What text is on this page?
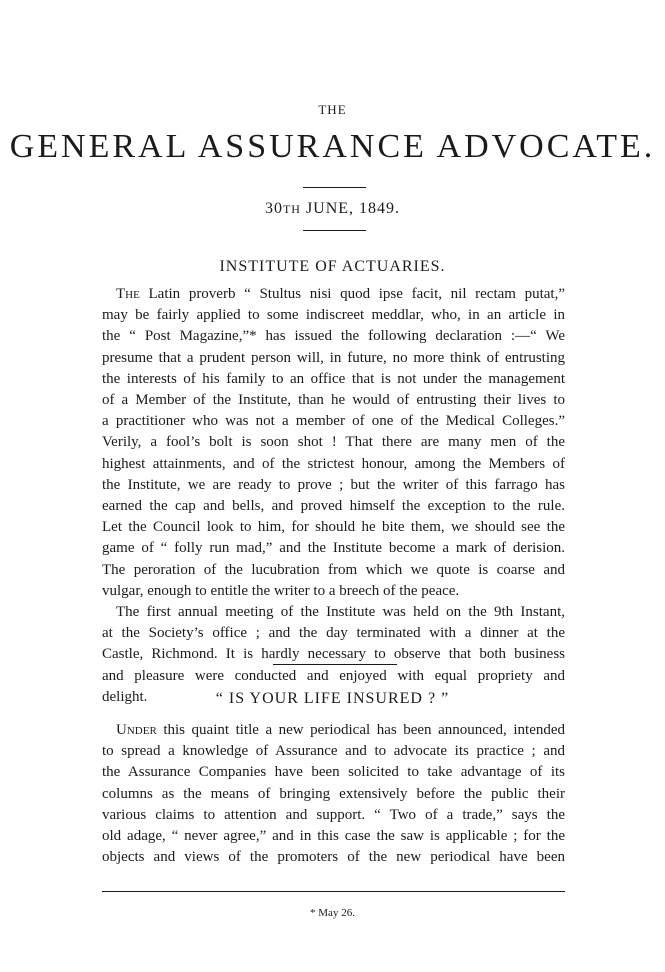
THE
GENERAL ASSURANCE ADVOCATE.
30TH JUNE, 1849.
INSTITUTE OF ACTUARIES.
The Latin proverb “ Stultus nisi quod ipse facit, nil rectam putat,”
may be fairly applied to some indiscreet meddlar, who, in an article in
the “ Post Magazine,”* has issued the following declaration :—“ We
presume that a prudent person will, in future, no more think of entrusting
the interests of his family to an office that is not under the management
of a Member of the Institute, than he would of entrusting their lives to
a practitioner who was not a member of one of the Medical Colleges.”
Verily, a fool’s bolt is soon shot ! That there are many men of the
highest attainments, and of the strictest honour, among the Members of
the Institute, we are ready to prove ; but the writer of this farrago has
earned the cap and bells, and proved himself the exception to the rule.
Let the Council look to him, for should he bite them, we should see the
game of “ folly run mad,” and the Institute become a mark of derision.
The peroration of the lucubration from which we quote is coarse and
vulgar, enough to entitle the writer to a breech of the peace.
The first annual meeting of the Institute was held on the 9th Instant,
at the Society’s office ; and the day terminated with a dinner at the
Castle, Richmond. It is hardly necessary to observe that both business
and pleasure were conducted and enjoyed with equal propriety and
delight.	“ IS YOUR LIFE INSURED ? ”
Under this quaint title a new periodical has been announced, intended
to spread a knowledge of Assurance and to advocate its practice ; and
the Assurance Companies have been solicited to take advantage of its
columns as the means of bringing extensively before the public their
various claims to attention and support. “ Two of a trade,” says the
old adage, “ never agree,” and in this case the saw is applicable ; for the
objects and views of the promoters of the new periodical have been
* May 26.
